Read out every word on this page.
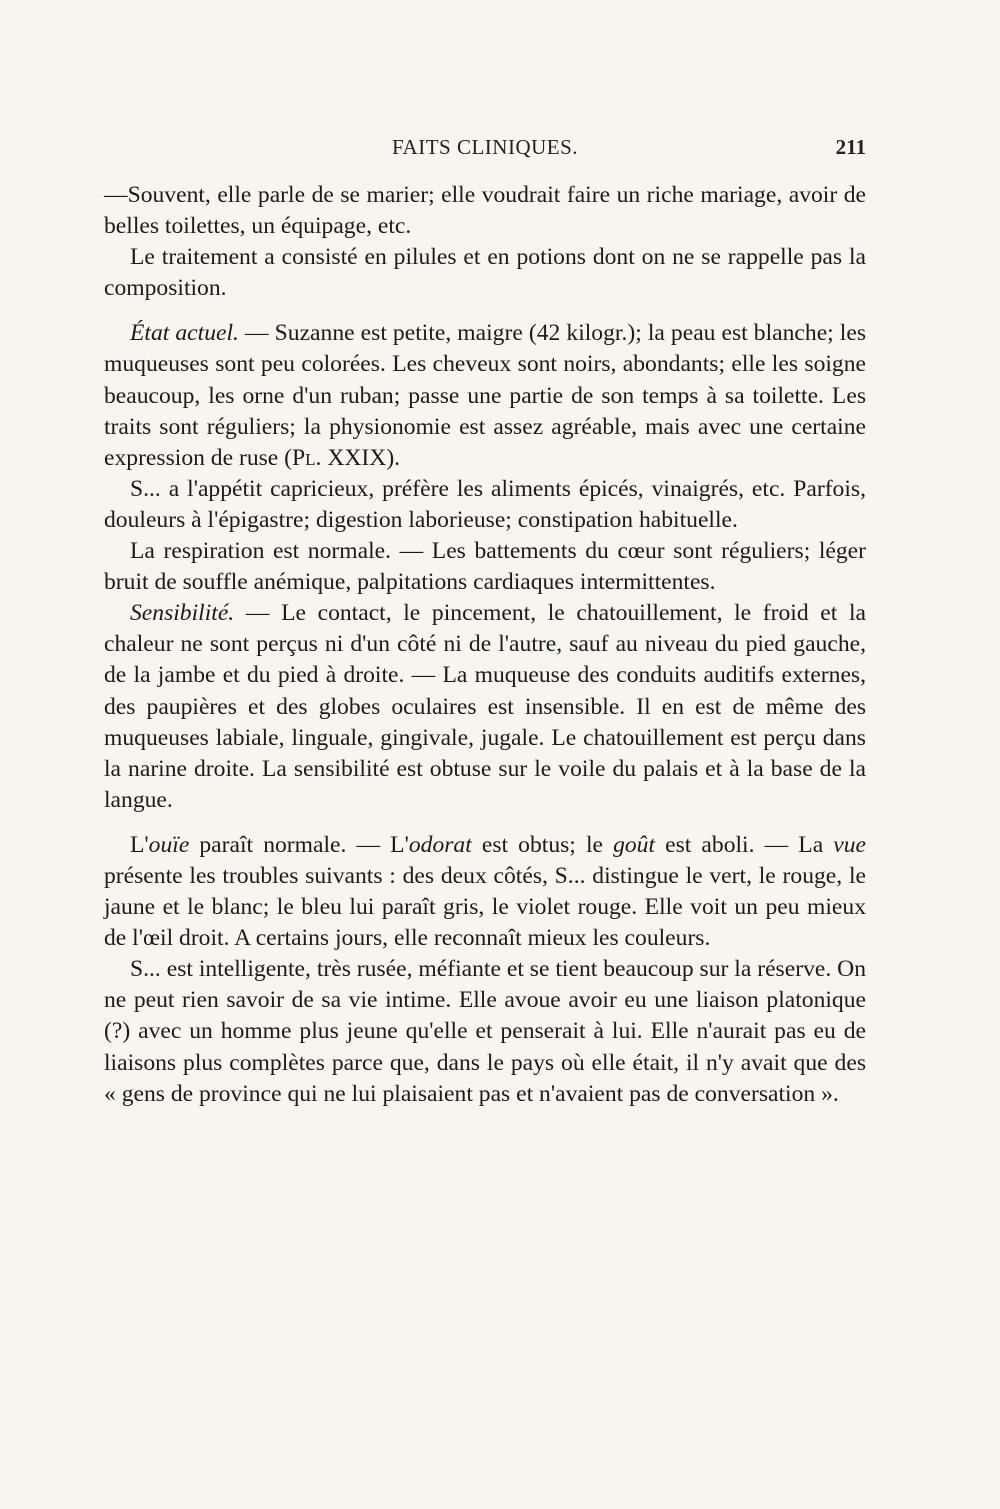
FAITS CLINIQUES.	211

—Souvent, elle parle de se marier; elle voudrait faire un riche mariage, avoir de belles toilettes, un équipage, etc.

Le traitement a consisté en pilules et en potions dont on ne se rappelle pas la composition.

État actuel. — Suzanne est petite, maigre (42 kilogr.); la peau est blanche; les muqueuses sont peu colorées. Les cheveux sont noirs, abondants; elle les soigne beaucoup, les orne d'un ruban; passe une partie de son temps à sa toilette. Les traits sont réguliers; la physionomie est assez agréable, mais avec une certaine expression de ruse (Pl. XXIX).

S... a l'appétit capricieux, préfère les aliments épicés, vinaigrés, etc. Parfois, douleurs à l'épigastre; digestion laborieuse; constipation habituelle.

La respiration est normale. — Les battements du cœur sont réguliers; léger bruit de souffle anémique, palpitations cardiaques intermittentes.

Sensibilité. — Le contact, le pincement, le chatouillement, le froid et la chaleur ne sont perçus ni d'un côté ni de l'autre, sauf au niveau du pied gauche, de la jambe et du pied à droite. — La muqueuse des conduits auditifs externes, des paupières et des globes oculaires est insensible. Il en est de même des muqueuses labiale, linguale, gingivale, jugale. Le chatouillement est perçu dans la narine droite. La sensibilité est obtuse sur le voile du palais et à la base de la langue.

L'ouïe paraît normale. — L'odorat est obtus; le goût est aboli. — La vue présente les troubles suivants : des deux côtés, S... distingue le vert, le rouge, le jaune et le blanc; le bleu lui paraît gris, le violet rouge. Elle voit un peu mieux de l'œil droit. A certains jours, elle reconnaît mieux les couleurs.

S... est intelligente, très rusée, méfiante et se tient beaucoup sur la réserve. On ne peut rien savoir de sa vie intime. Elle avoue avoir eu une liaison platonique (?) avec un homme plus jeune qu'elle et penserait à lui. Elle n'aurait pas eu de liaisons plus complètes parce que, dans le pays où elle était, il n'y avait que des « gens de province qui ne lui plaisaient pas et n'avaient pas de conversation ».
